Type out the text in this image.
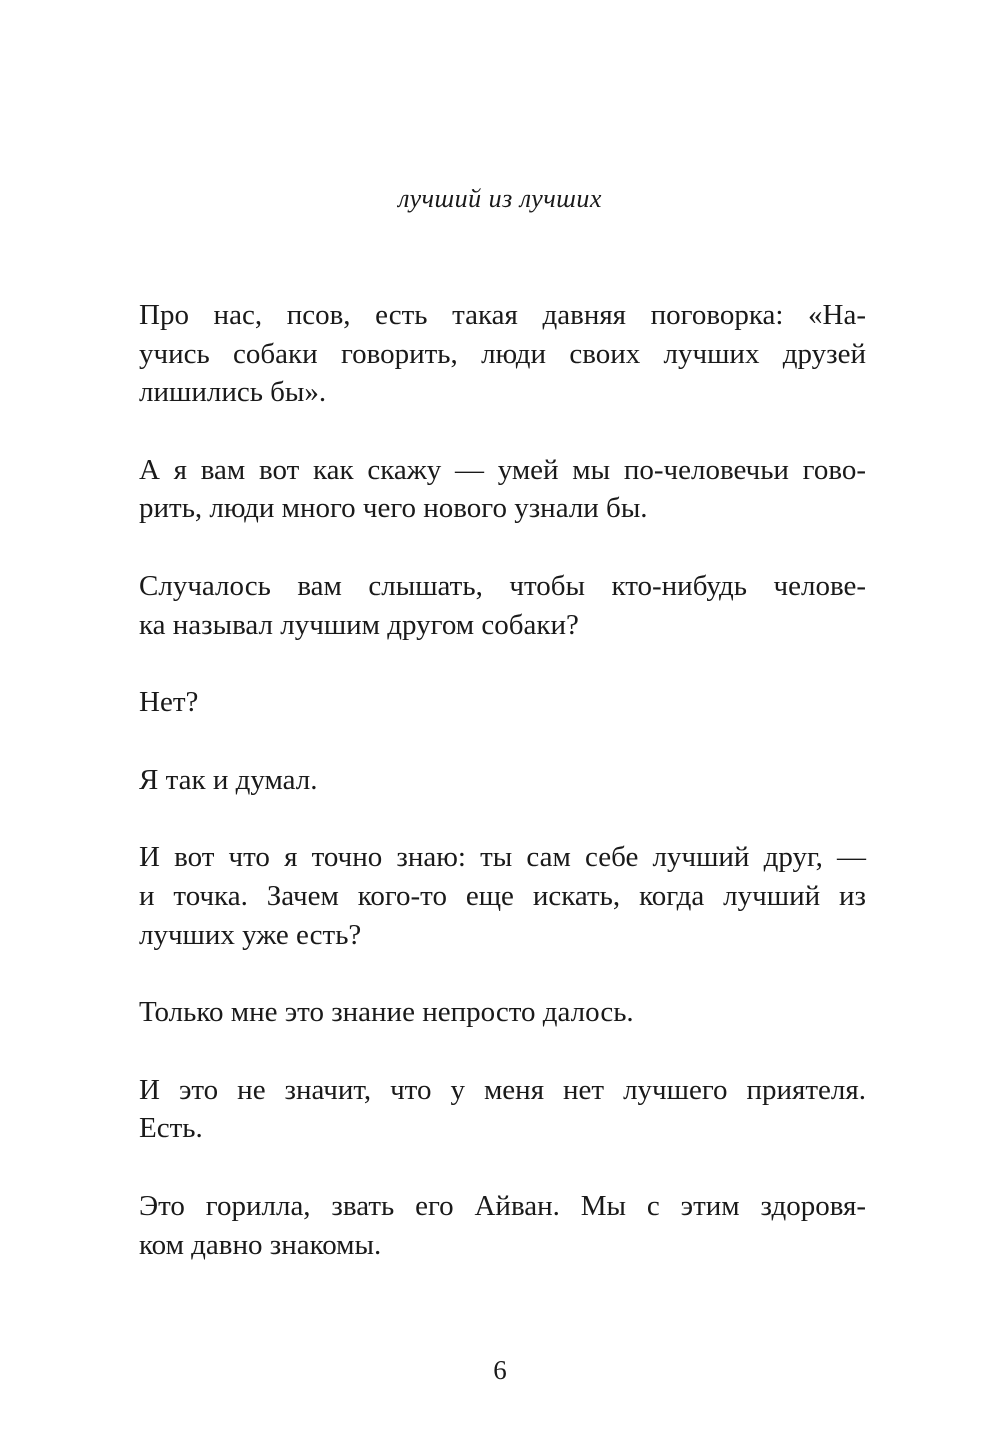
лучший из лучших

Про нас, псов, есть такая давняя поговорка: «На-
учись собаки говорить, люди своих лучших друзей
лишились бы».

А я вам вот как скажу — умей мы по-человечьи гово-
рить, люди много чего нового узнали бы.

Случалось вам слышать, чтобы кто-нибудь челове-
ка называл лучшим другом собаки?

Нет?

Я так и думал.

И вот что я точно знаю: ты сам себе лучший друг, —
и точка. Зачем кого-то еще искать, когда лучший из
лучших уже есть?

Только мне это знание непросто далось.

И это не значит, что у меня нет лучшего приятеля.
Есть.

Это горилла, звать его Айван. Мы с этим здоровя-
ком давно знакомы.

6
